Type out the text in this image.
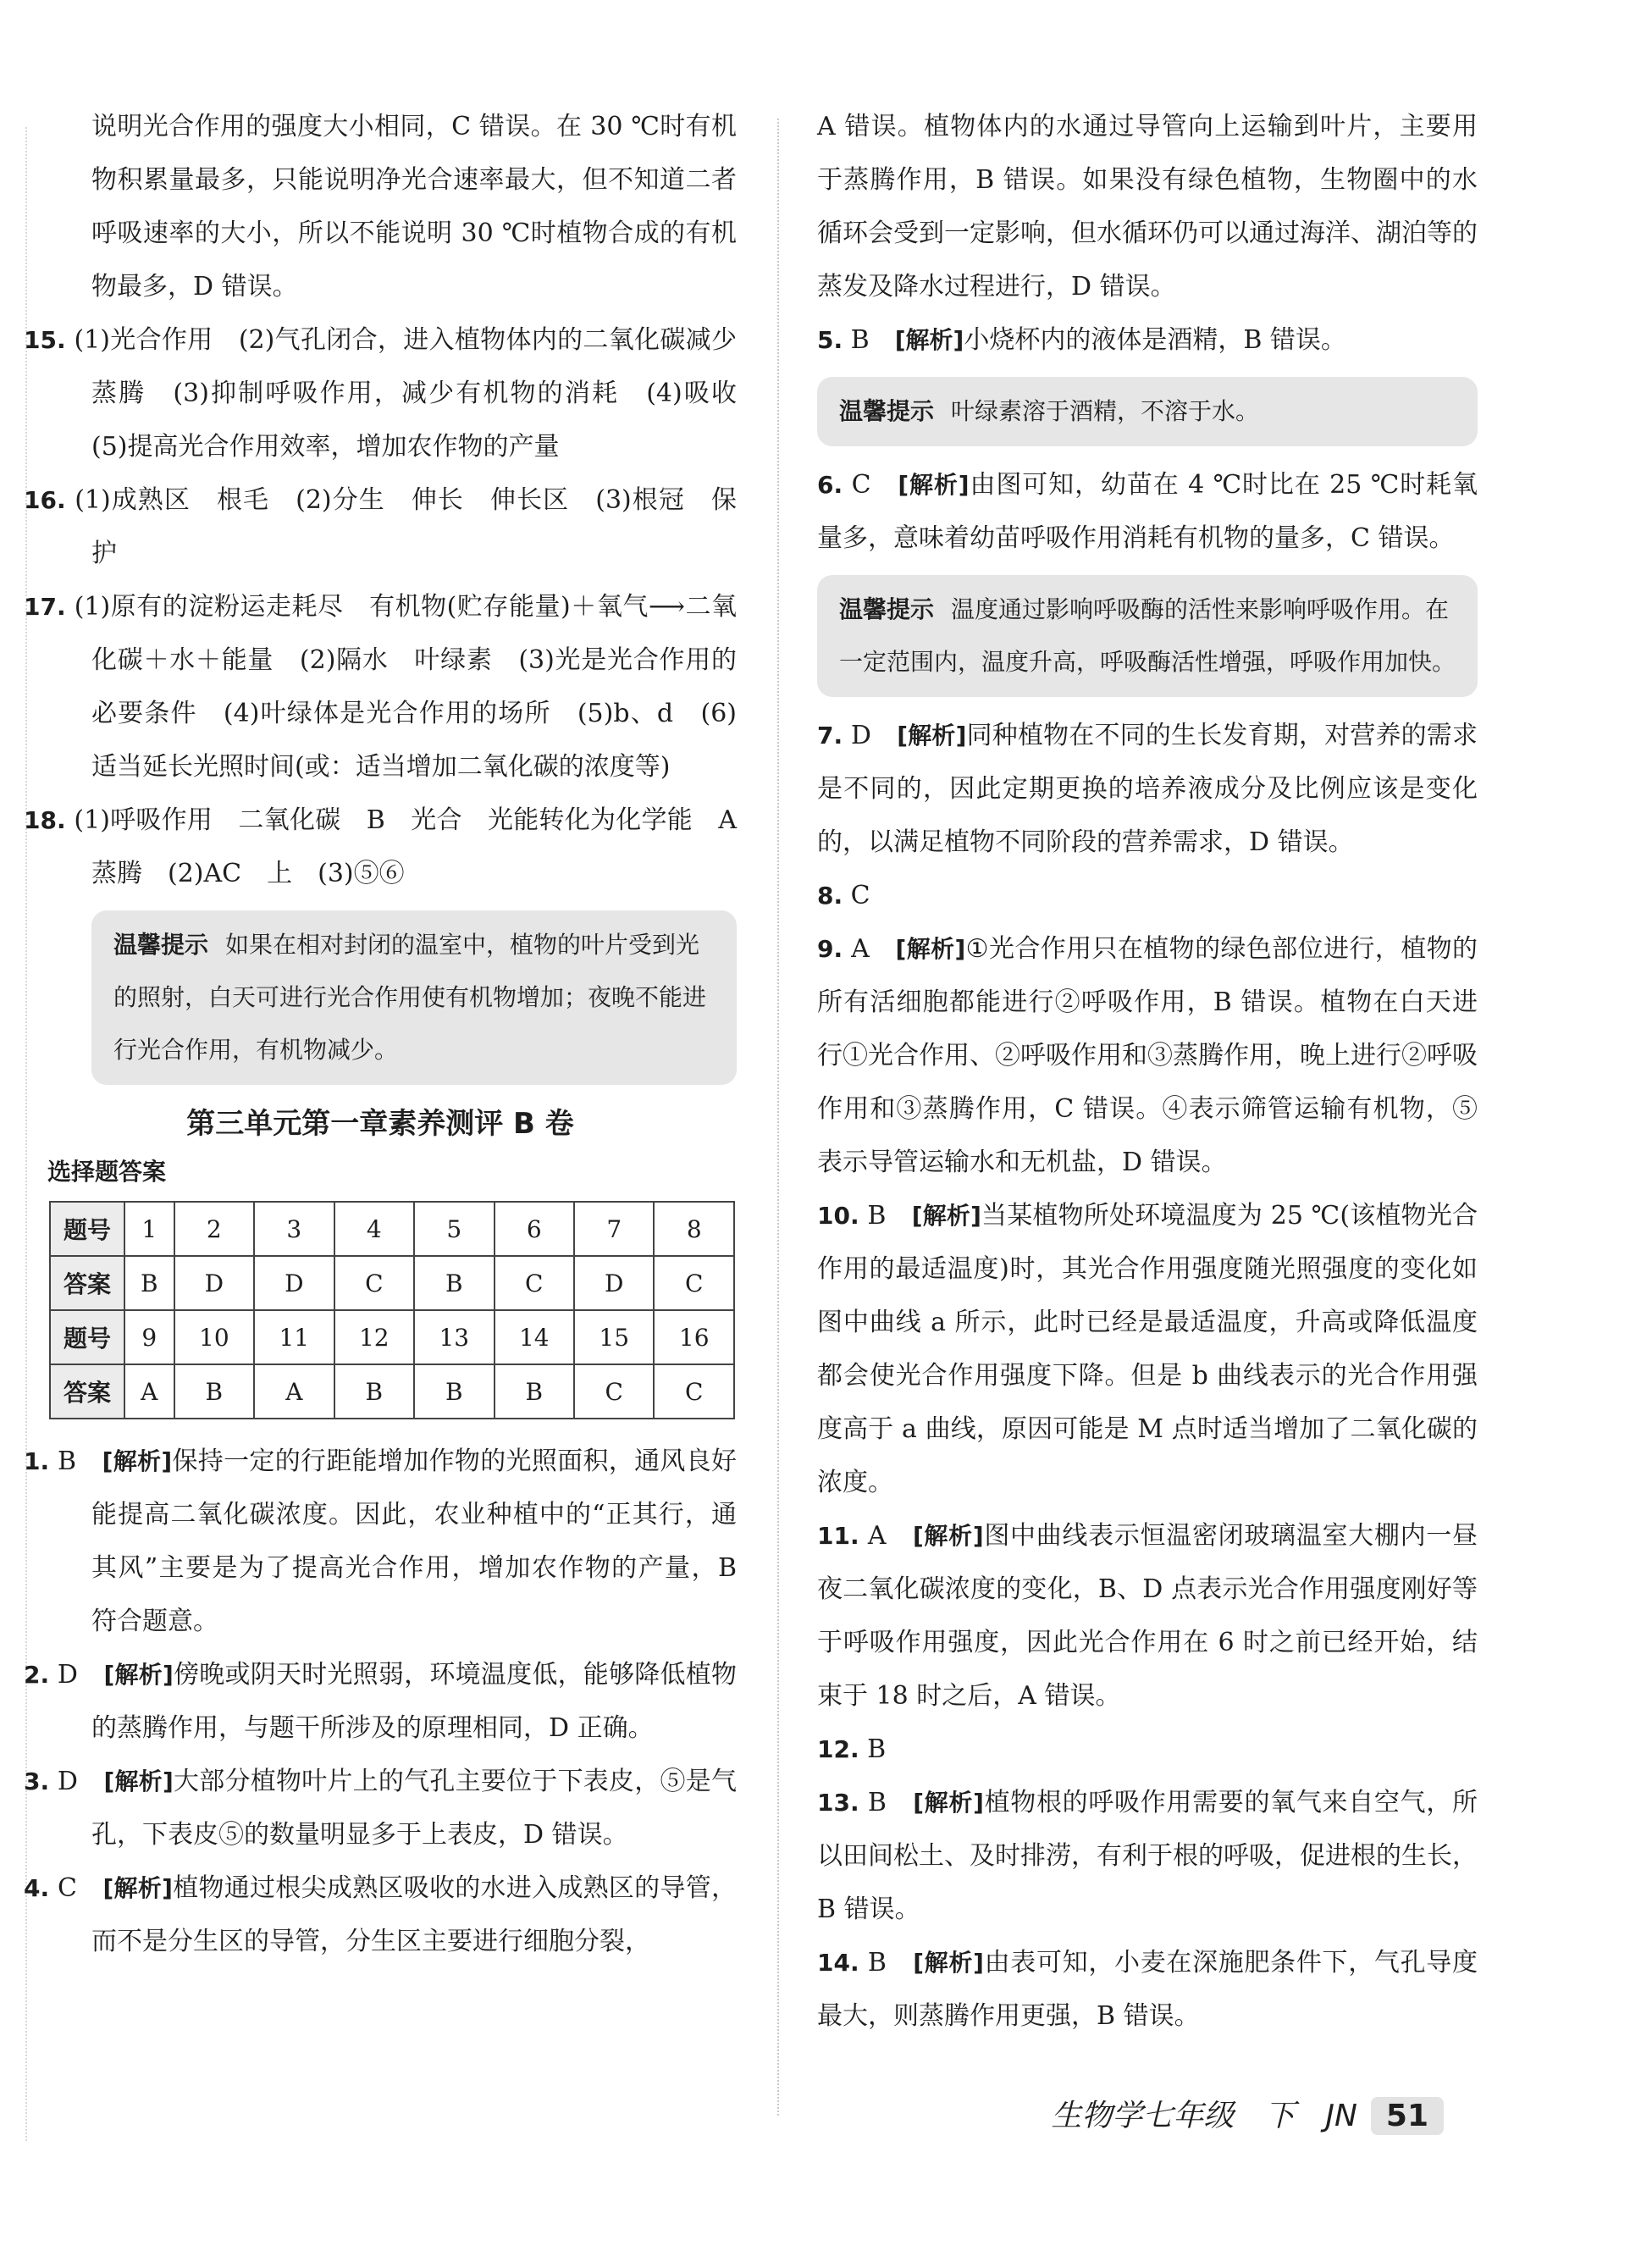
说明光合作用的强度大小相同，C 错误。在 30 ℃时有机物积累量最多，只能说明净光合速率最大，但不知道二者呼吸速率的大小，所以不能说明 30 ℃时植物合成的有机物最多，D 错误。

15. (1)光合作用　(2)气孔闭合，进入植物体内的二氧化碳减少　蒸腾　(3)抑制呼吸作用，减少有机物的消耗　(4)吸收　(5)提高光合作用效率，增加农作物的产量

16. (1)成熟区　根毛　(2)分生　伸长　伸长区　(3)根冠　保护

17. (1)原有的淀粉运走耗尽　有机物(贮存能量)＋氧气⟶二氧化碳＋水＋能量　(2)隔水　叶绿素　(3)光是光合作用的必要条件　(4)叶绿体是光合作用的场所　(5)b、d　(6)适当延长光照时间(或：适当增加二氧化碳的浓度等)

18. (1)呼吸作用　二氧化碳　B　光合　光能转化为化学能　A　蒸腾　(2)AC　上　(3)⑤⑥

温馨提示 如果在相对封闭的温室中，植物的叶片受到光的照射，白天可进行光合作用使有机物增加；夜晚不能进行光合作用，有机物减少。
第三单元第一章素养测评 B 卷
选择题答案
题号	1	2	3	4	5	6	7	8
答案	B	D	D	C	B	C	D	C
题号	9	10	11	12	13	14	15	16
答案	A	B	A	B	B	B	C	C

1. B　 [解析]保持一定的行距能增加作物的光照面积，通风良好能提高二氧化碳浓度。因此，农业种植中的“正其行，通其风”主要是为了提高光合作用，增加农作物的产量，B 符合题意。

2. D　 [解析]傍晚或阴天时光照弱，环境温度低，能够降低植物的蒸腾作用，与题干所涉及的原理相同，D 正确。

3. D　 [解析]大部分植物叶片上的气孔主要位于下表皮，⑤是气孔，下表皮⑤的数量明显多于上表皮，D 错误。

4. C　 [解析]植物通过根尖成熟区吸收的水进入成熟区的导管，而不是分生区的导管，分生区主要进行细胞分裂，

A 错误。植物体内的水通过导管向上运输到叶片，主要用于蒸腾作用，B 错误。如果没有绿色植物，生物圈中的水循环会受到一定影响，但水循环仍可以通过海洋、湖泊等的蒸发及降水过程进行，D 错误。

5. B　 [解析]小烧杯内的液体是酒精，B 错误。

温馨提示 叶绿素溶于酒精，不溶于水。

6. C　 [解析]由图可知，幼苗在 4 ℃时比在 25 ℃时耗氧量多，意味着幼苗呼吸作用消耗有机物的量多，C 错误。

温馨提示 温度通过影响呼吸酶的活性来影响呼吸作用。在一定范围内，温度升高，呼吸酶活性增强，呼吸作用加快。

7. D　 [解析]同种植物在不同的生长发育期，对营养的需求是不同的，因此定期更换的培养液成分及比例应该是变化的，以满足植物不同阶段的营养需求，D 错误。

8. C

9. A　 [解析]①光合作用只在植物的绿色部位进行，植物的所有活细胞都能进行②呼吸作用，B 错误。植物在白天进行①光合作用、②呼吸作用和③蒸腾作用，晚上进行②呼吸作用和③蒸腾作用，C 错误。④表示筛管运输有机物，⑤表示导管运输水和无机盐，D 错误。

10. B　 [解析]当某植物所处环境温度为 25 ℃(该植物光合作用的最适温度)时，其光合作用强度随光照强度的变化如图中曲线 a 所示，此时已经是最适温度，升高或降低温度都会使光合作用强度下降。但是 b 曲线表示的光合作用强度高于 a 曲线，原因可能是 M 点时适当增加了二氧化碳的浓度。

11. A　 [解析]图中曲线表示恒温密闭玻璃温室大棚内一昼夜二氧化碳浓度的变化，B、D 点表示光合作用强度刚好等于呼吸作用强度，因此光合作用在 6 时之前已经开始，结束于 18 时之后，A 错误。

12. B

13. B　 [解析]植物根的呼吸作用需要的氧气来自空气，所以田间松土、及时排涝，有利于根的呼吸，促进根的生长，B 错误。

14. B　 [解析]由表可知，小麦在深施肥条件下，气孔导度最大，则蒸腾作用更强，B 错误。

生物学七年级　下　JN 51
